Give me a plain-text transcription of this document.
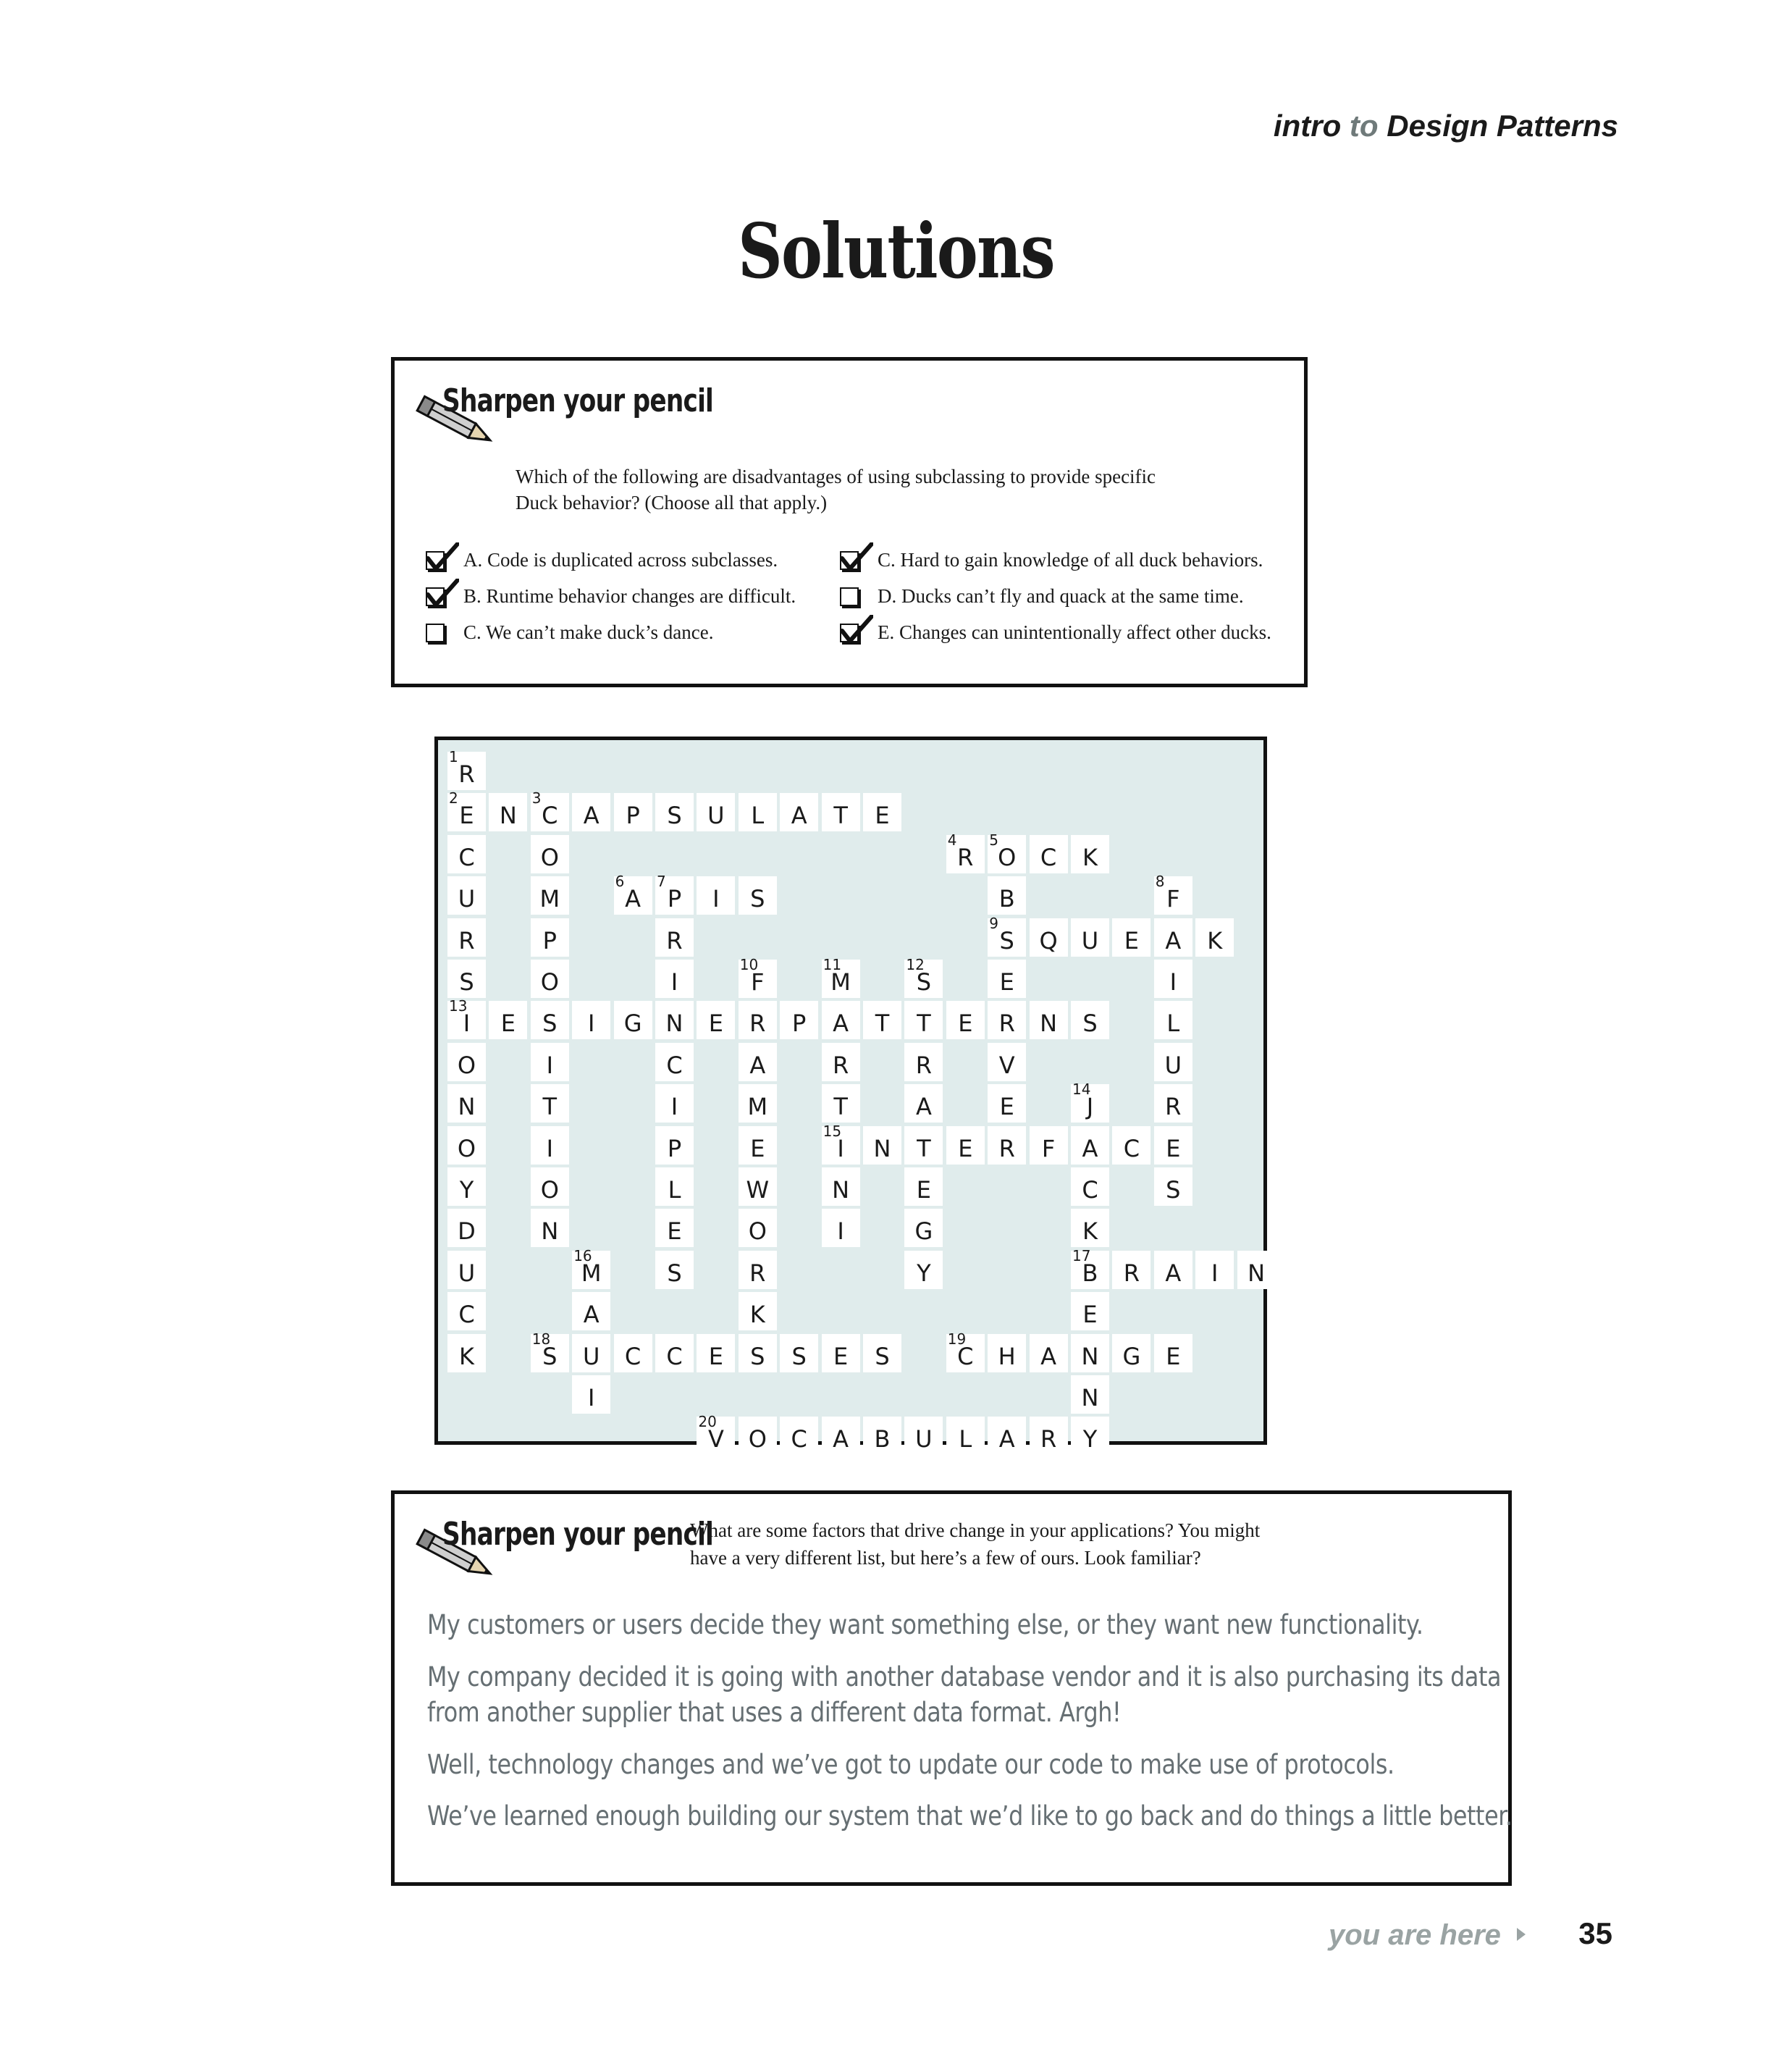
intro to Design Patterns
Solutions
Sharpen your pencil
Which of the following are disadvantages of using subclassing to provide specific
Duck behavior? (Choose all that apply.)
A. Code is duplicated across subclasses.
B. Runtime behavior changes are difficult.
C. We can’t make duck’s dance.
C. Hard to gain knowledge of all duck behaviors.
D. Ducks can’t fly and quack at the same time.
E. Changes can unintentionally affect other ducks.
R
1
E
2
C
U
R
S
I
13
O
N
N	C
3
A	P	S	U	L	A	T	E
O
M
P
O
S
I
T
I
O
N
R
4
O
5
C	K
B
S
9
E
R
V
E
R
A
6
P
7
I	S
R
I
N
C
I
P
L
E
S
F
8
A
I
L
U
R
E
S
Q	U	E	K
F
10
R
A
M
E
W
O
R
K
M
11
A
R
T
I
15
N
I
S
12
T
R
A
T
E
G
Y
E	I	G	E	P	T	E	N	S
O
Y
D
U
C
K
J
14
A
C
K
N	E	F	C
M
16
A
U
I
B
17
R	A	I	N
E
N
N
Y
S
18
C	C	E	S	S	E	S	C
19
H	A	G	E
V
20
O	C	A	B	U	L	A	R
Sharpen your pencil
What are some factors that drive change in your applications? You might
have a very different list, but here’s a few of ours. Look familiar?
My customers or users decide they want something else, or they want new functionality.
My company decided it is going with another database vendor and it is also purchasing its data
from another supplier that uses a different data format. Argh!
Well, technology changes and we’ve got to update our code to make use of protocols.
We’ve learned enough building our system that we’d like to go back and do things a little better.
you are here	35
